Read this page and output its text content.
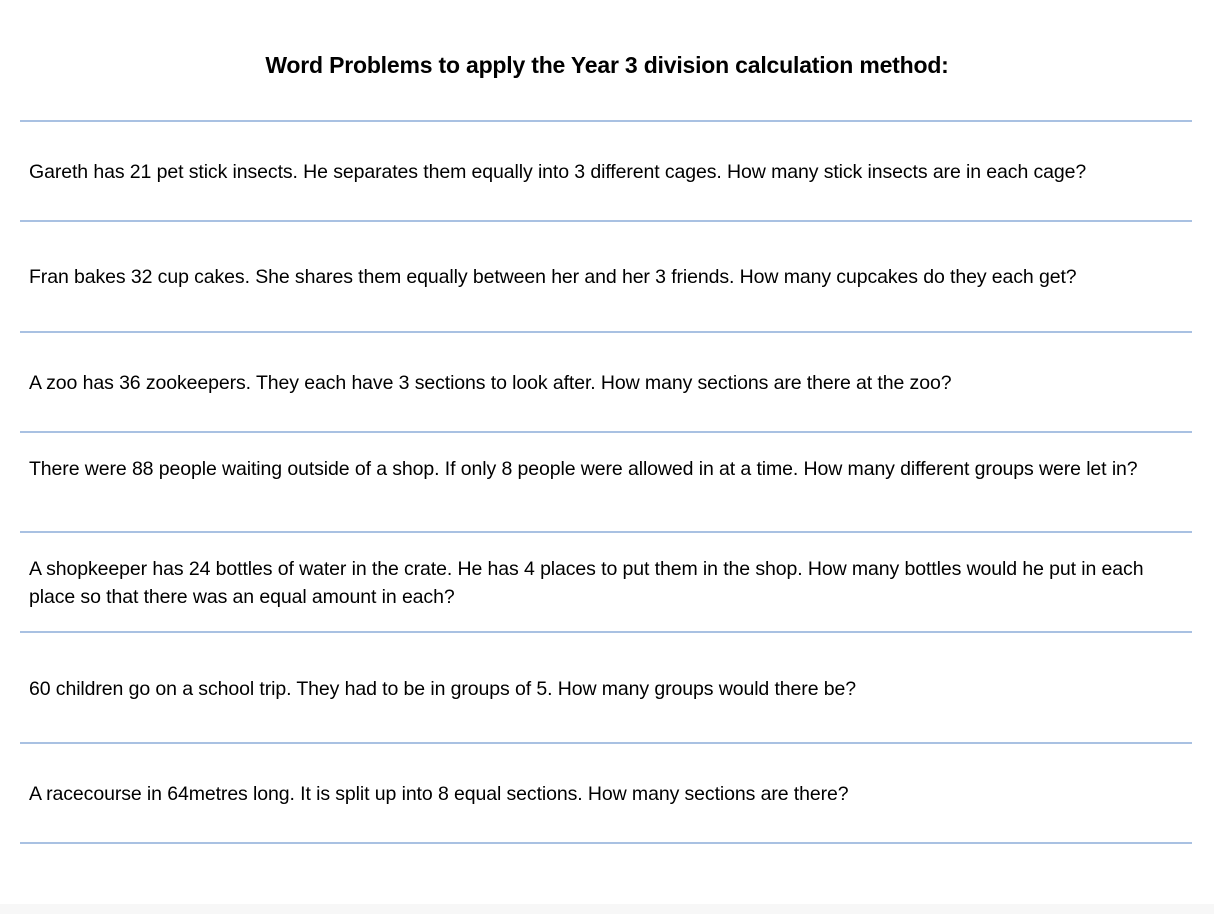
Word Problems to apply the Year 3 division calculation method:
Gareth has 21 pet stick insects. He separates them equally into 3 different cages. How many stick insects are in each cage?
Fran bakes 32 cup cakes. She shares them equally between her and her 3 friends. How many cupcakes do they each get?
A zoo has 36 zookeepers. They each have 3 sections to look after. How many sections are there at the zoo?
There were 88 people waiting outside of a shop. If only 8 people were allowed in at a time. How many different groups were let in?
A shopkeeper has 24 bottles of water in the crate. He has 4 places to put them in the shop. How many bottles would he put in each place so that there was an equal amount in each?
60 children go on a school trip. They had to be in groups of 5. How many groups would there be?
A racecourse in 64metres long. It is split up into 8 equal sections. How many sections are there?
